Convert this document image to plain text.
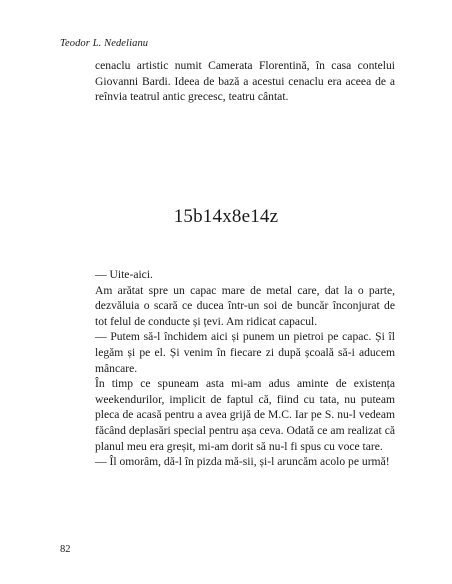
Teodor L. Nedelianu

cenaclu artistic numit Camerata Florentină, în casa contelui Giovanni Bardi. Ideea de bază a acestui cenaclu era aceea de a reînvia teatrul antic grecesc, teatru cântat.

15b14x8e14z

— Uite-aici.

Am arătat spre un capac mare de metal care, dat la o parte, dezvăluia o scară ce ducea într-un soi de buncăr înconjurat de tot felul de conducte și țevi. Am ridicat capacul.

— Putem să-l închidem aici și punem un pietroi pe capac. Și îl legăm și pe el. Și venim în fiecare zi după școală să-i aducem mâncare.

În timp ce spuneam asta mi-am adus aminte de existența weekendurilor, implicit de faptul că, fiind cu tata, nu puteam pleca de acasă pentru a avea grijă de M.C. Iar pe S. nu-l vedeam făcând deplasări special pentru așa ceva. Odată ce am realizat că planul meu era greșit, mi-am dorit să nu-l fi spus cu voce tare.

— Îl omorâm, dă-l în pizda mă-sii, și-l aruncăm acolo pe urmă!

82
